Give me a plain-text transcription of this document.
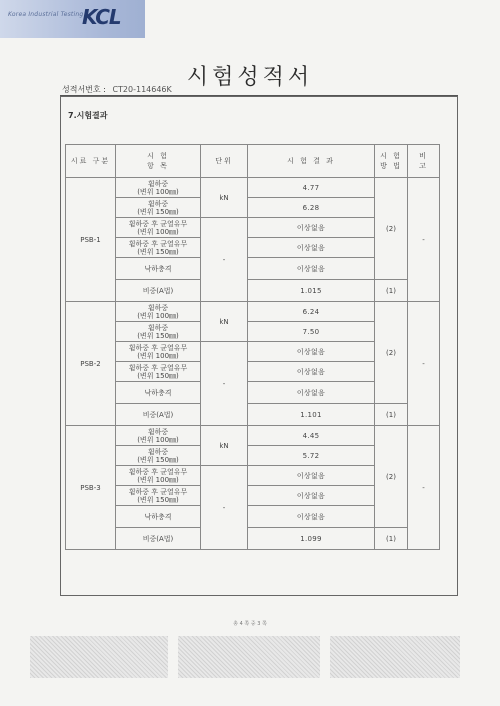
Korea Industrial Testing
KCL
시험성적서
성적서번호 : CT20-114646K
7.시험결과
시료 구분	시 험
항 목	단위	시 험 결 과	시 험
방 법	비
고
PSB-1	휨하중
(변위 100㎜)	kN	4.77	(2)	-
	휨하중
(변위 150㎜)		6.28		
	휨하중 후 균열유무
(변위 100㎜)	-	이상없음		
	휨하중 후 균열유무
(변위 150㎜)		이상없음		
	낙하충격		이상없음		
	비중(A법)		1.015	(1)	
PSB-2	휨하중
(변위 100㎜)	kN	6.24	(2)	-
	휨하중
(변위 150㎜)		7.50		
	휨하중 후 균열유무
(변위 100㎜)	-	이상없음		
	휨하중 후 균열유무
(변위 150㎜)		이상없음		
	낙하충격		이상없음		
	비중(A법)		1.101	(1)	
PSB-3	휨하중
(변위 100㎜)	kN	4.45	(2)	-
	휨하중
(변위 150㎜)		5.72		
	휨하중 후 균열유무
(변위 100㎜)	-	이상없음		
	휨하중 후 균열유무
(변위 150㎜)		이상없음		
	낙하충격		이상없음		
	비중(A법)		1.099	(1)	
총 4 쪽 중 3 쪽
